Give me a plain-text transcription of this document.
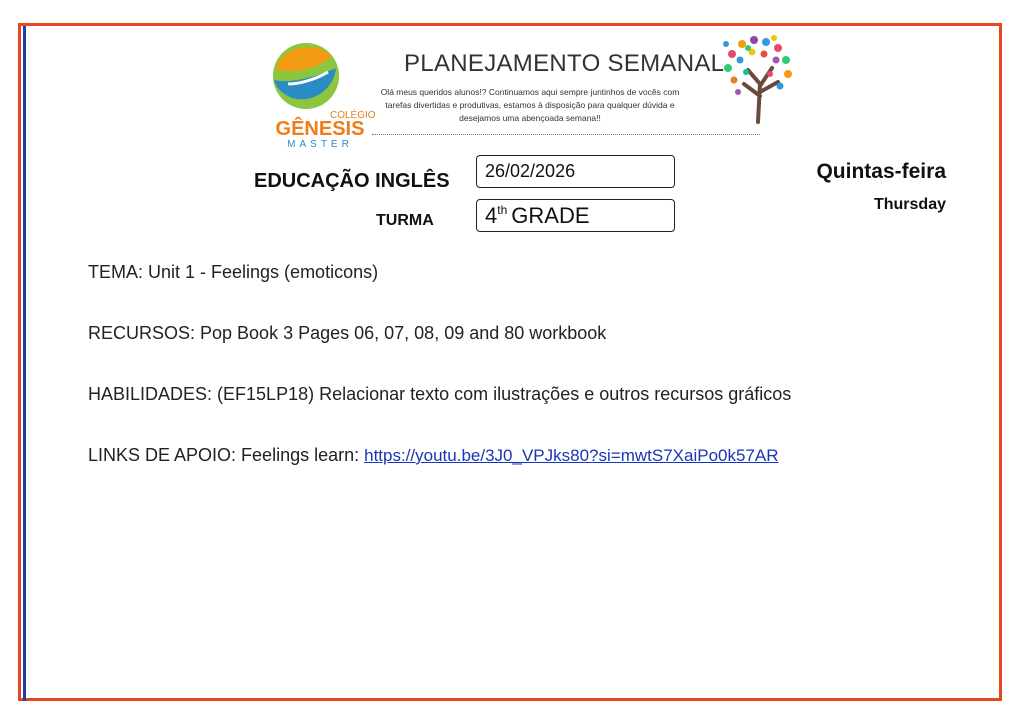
COLÉGIO
GÊNESIS
MASTER
PLANEJAMENTO SEMANAL
Olá meus queridos alunos!? Continuamos aqui sempre juntinhos de vocês com tarefas divertidas e produtivas, estamos à disposição para qualquer dúvida e desejamos uma abençoada semana!!
EDUCAÇÃO INGLÊS 26/02/2026
TURMA 4th GRADE
Quintas-feira
Thursday
TEMA: Unit 1 - Feelings (emoticons)
RECURSOS: Pop Book 3 Pages 06, 07, 08, 09 and 80 workbook
HABILIDADES: (EF15LP18) Relacionar texto com ilustrações e outros recursos gráficos
LINKS DE APOIO: Feelings learn: https://youtu.be/3J0_VPJks80?si=mwtS7XaiPo0k57AR
